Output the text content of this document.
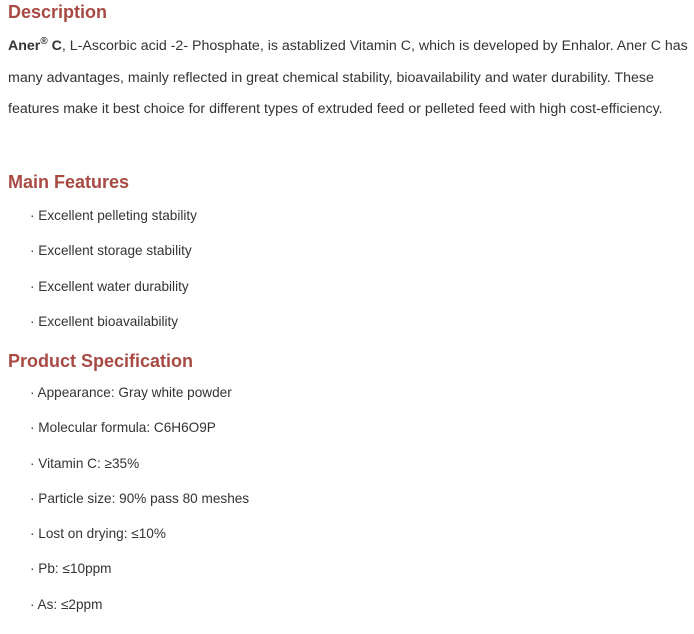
Description

Aner® C, L-Ascorbic acid -2- Phosphate, is astablized Vitamin C, which is developed by Enhalor. Aner C has many advantages, mainly reflected in great chemical stability, bioavailability and water durability. These features make it best choice for different types of extruded feed or pelleted feed with high cost-efficiency.

Main Features
· Excellent pelleting stability
· Excellent storage stability
· Excellent water durability
· Excellent bioavailability
Product Specification
· Appearance: Gray white powder
· Molecular formula: C6H6O9P
· Vitamin C: ≥35%
· Particle size: 90% pass 80 meshes
· Lost on drying: ≤10%
· Pb: ≤10ppm
· As: ≤2ppm
